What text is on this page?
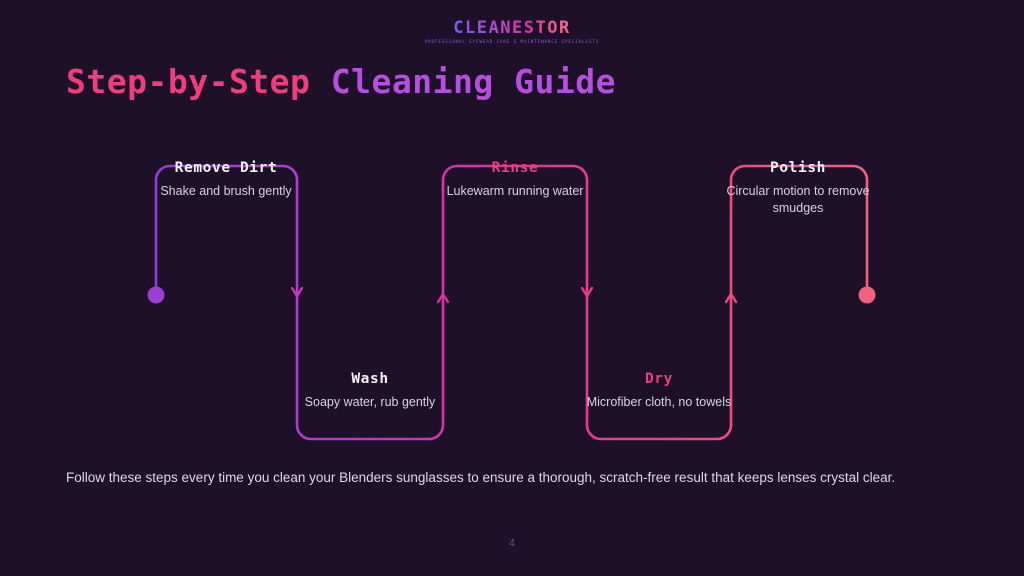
CLEANESTOR
PROFESSIONAL EYEWEAR CARE & MAINTENANCE SPECIALISTS
Step-by-Step Cleaning Guide
Remove Dirt
Shake and brush gently
Wash
Soapy water, rub gently
Rinse
Lukewarm running water
Dry
Microfiber cloth, no towels
Polish
Circular motion to remove smudges
Follow these steps every time you clean your Blenders sunglasses to ensure a thorough, scratch-free result that keeps lenses crystal clear.
4
